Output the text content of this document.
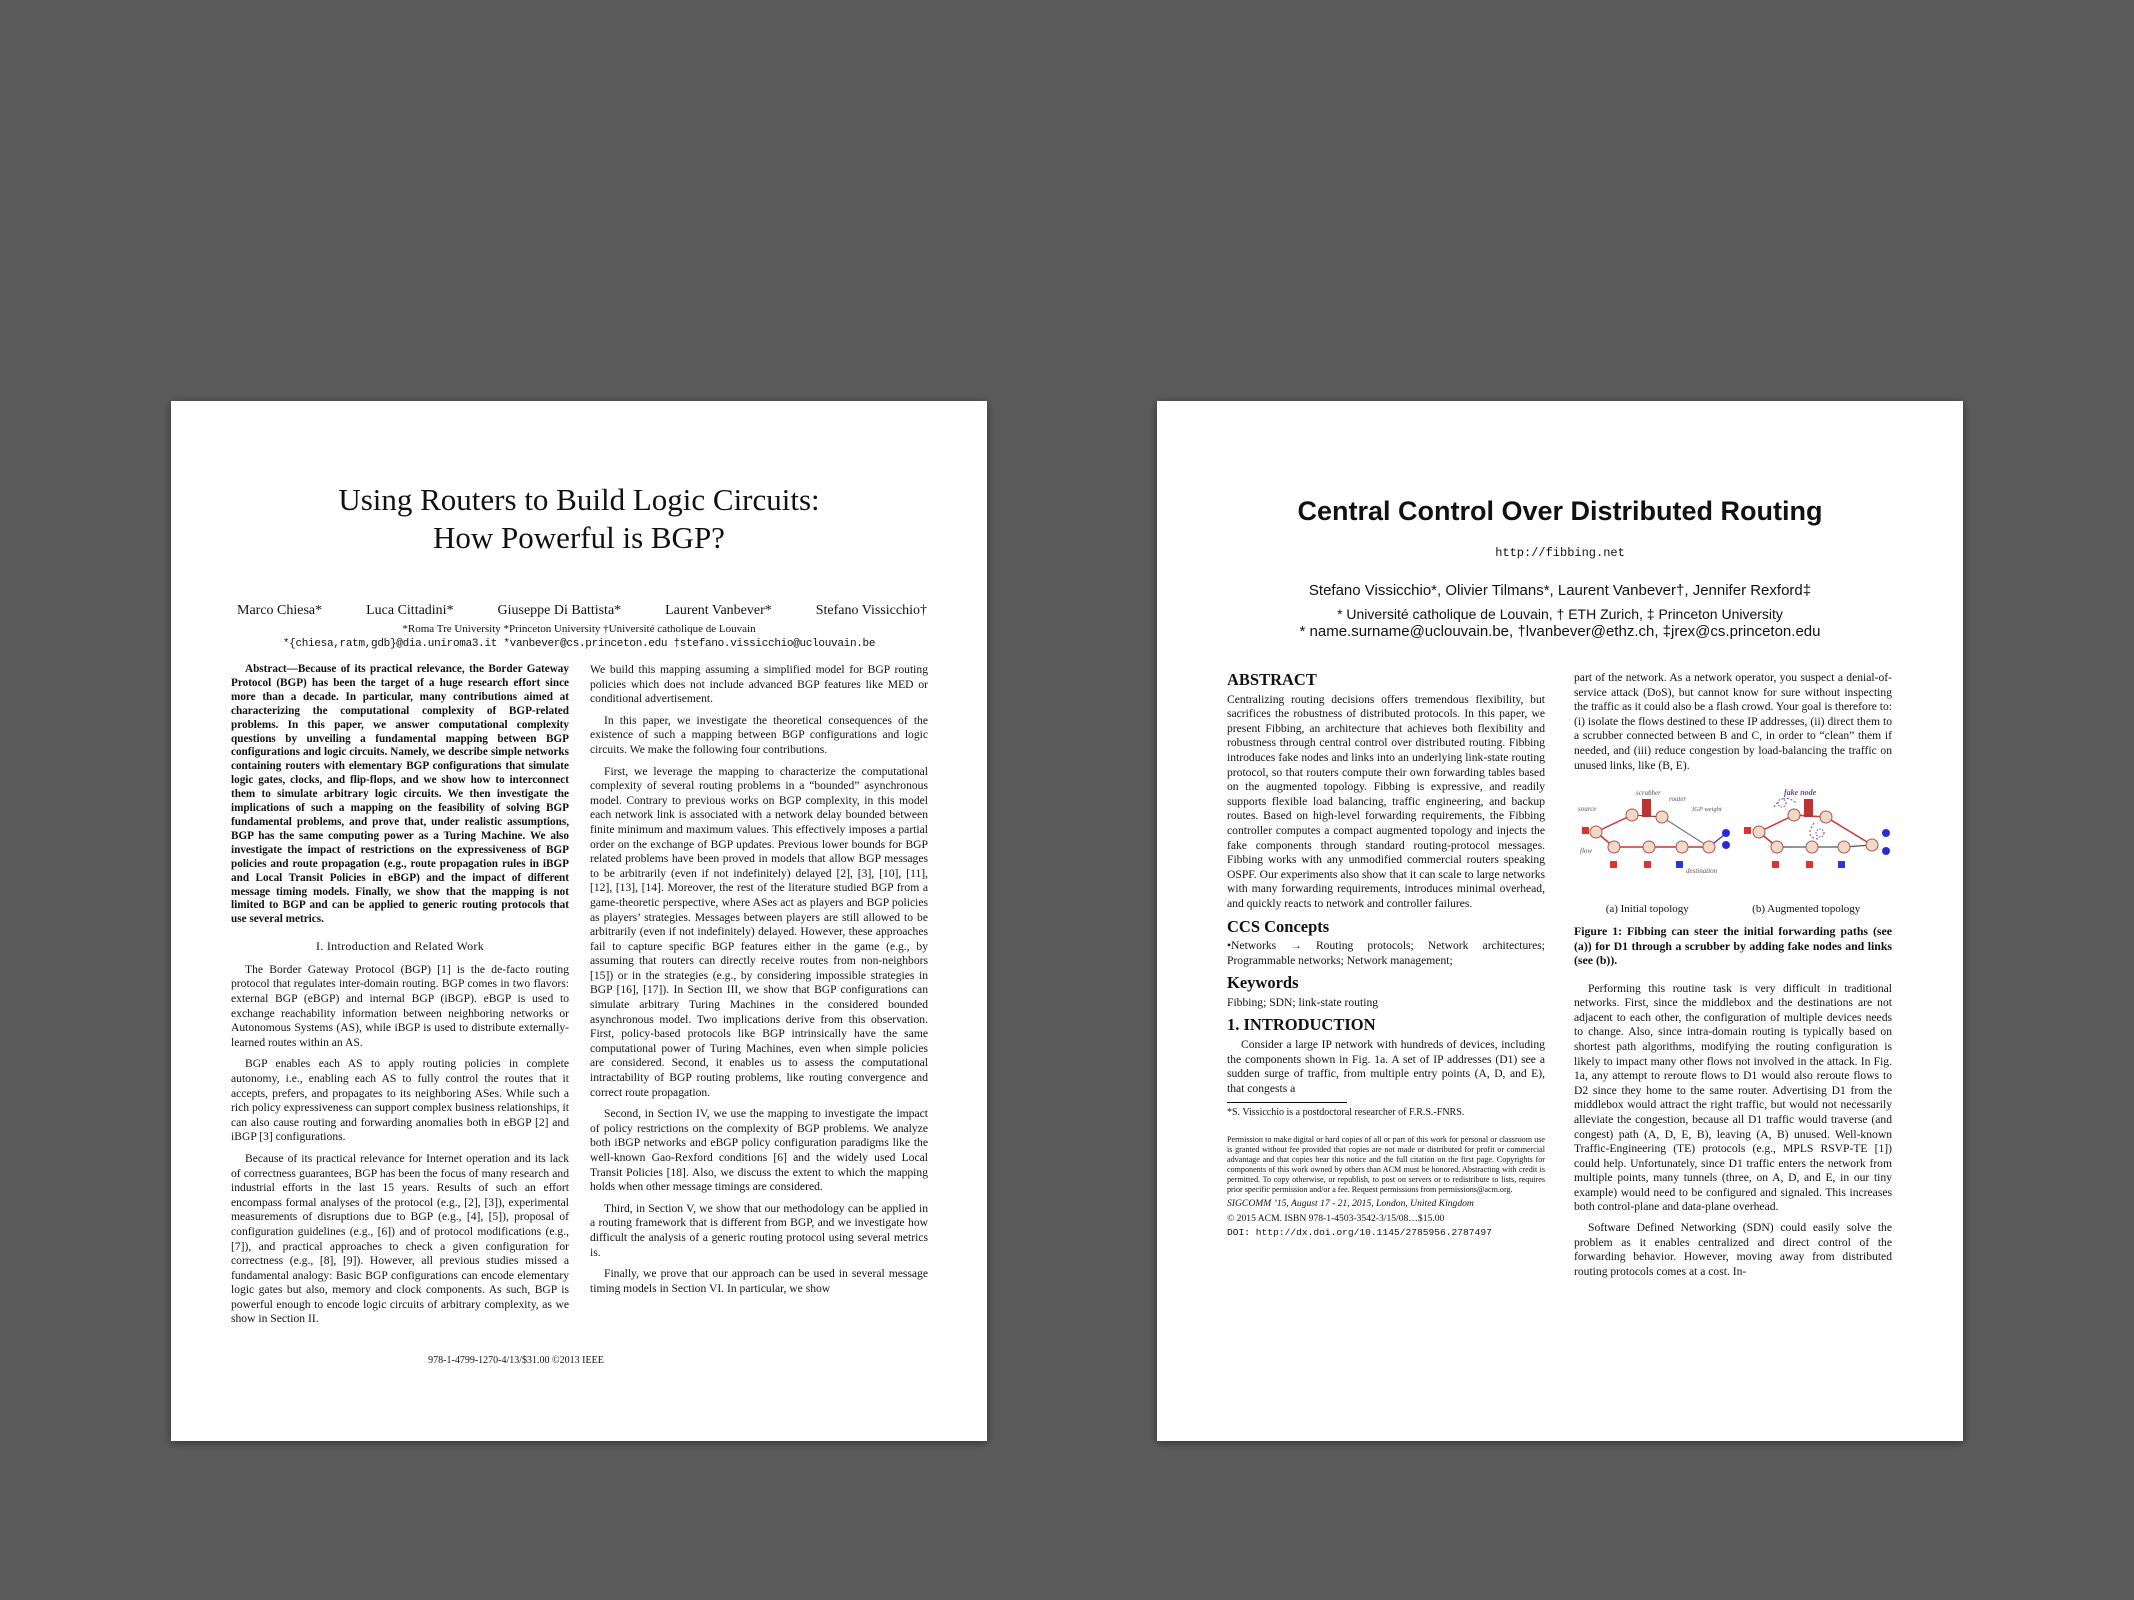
Using Routers to Build Logic Circuits:
How Powerful is BGP?
Marco Chiesa*	Luca Cittadini*	Giuseppe Di Battista*	Laurent Vanbever*	Stefano Vissicchio†
*Roma Tre University *Princeton University †Université catholique de Louvain
*{chiesa,ratm,gdb}@dia.uniroma3.it *vanbever@cs.princeton.edu †stefano.vissicchio@uclouvain.be

Abstract—Because of its practical relevance, the Border Gateway Protocol (BGP) has been the target of a huge research effort since more than a decade. In particular, many contributions aimed at characterizing the computational complexity of BGP-related problems. In this paper, we answer computational complexity questions by unveiling a fundamental mapping between BGP configurations and logic circuits. Namely, we describe simple networks containing routers with elementary BGP configurations that simulate logic gates, clocks, and flip-flops, and we show how to interconnect them to simulate arbitrary logic circuits. We then investigate the implications of such a mapping on the feasibility of solving BGP fundamental problems, and prove that, under realistic assumptions, BGP has the same computing power as a Turing Machine. We also investigate the impact of restrictions on the expressiveness of BGP policies and route propagation (e.g., route propagation rules in iBGP and Local Transit Policies in eBGP) and the impact of different message timing models. Finally, we show that the mapping is not limited to BGP and can be applied to generic routing protocols that use several metrics.

I. Introduction and Related Work

The Border Gateway Protocol (BGP) [1] is the de-facto routing protocol that regulates inter-domain routing. BGP comes in two flavors: external BGP (eBGP) and internal BGP (iBGP). eBGP is used to exchange reachability information between neighboring networks or Autonomous Systems (AS), while iBGP is used to distribute externally-learned routes within an AS.

BGP enables each AS to apply routing policies in complete autonomy, i.e., enabling each AS to fully control the routes that it accepts, prefers, and propagates to its neighboring ASes. While such a rich policy expressiveness can support complex business relationships, it can also cause routing and forwarding anomalies both in eBGP [2] and iBGP [3] configurations.

Because of its practical relevance for Internet operation and its lack of correctness guarantees, BGP has been the focus of many research and industrial efforts in the last 15 years. Results of such an effort encompass formal analyses of the protocol (e.g., [2], [3]), experimental measurements of disruptions due to BGP (e.g., [4], [5]), proposal of configuration guidelines (e.g., [6]) and of protocol modifications (e.g., [7]), and practical approaches to check a given configuration for correctness (e.g., [8], [9]). However, all previous studies missed a fundamental analogy: Basic BGP configurations can encode elementary logic gates but also, memory and clock components. As such, BGP is powerful enough to encode logic circuits of arbitrary complexity, as we show in Section II.

We build this mapping assuming a simplified model for BGP routing policies which does not include advanced BGP features like MED or conditional advertisement.

In this paper, we investigate the theoretical consequences of the existence of such a mapping between BGP configurations and logic circuits. We make the following four contributions.

First, we leverage the mapping to characterize the computational complexity of several routing problems in a “bounded” asynchronous model. Contrary to previous works on BGP complexity, in this model each network link is associated with a network delay bounded between finite minimum and maximum values. This effectively imposes a partial order on the exchange of BGP updates. Previous lower bounds for BGP related problems have been proved in models that allow BGP messages to be arbitrarily (even if not indefinitely) delayed [2], [3], [10], [11], [12], [13], [14]. Moreover, the rest of the literature studied BGP from a game-theoretic perspective, where ASes act as players and BGP policies as players’ strategies. Messages between players are still allowed to be arbitrarily (even if not indefinitely) delayed. However, these approaches fail to capture specific BGP features either in the game (e.g., by assuming that routers can directly receive routes from non-neighbors [15]) or in the strategies (e.g., by considering impossible strategies in BGP [16], [17]). In Section III, we show that BGP configurations can simulate arbitrary Turing Machines in the considered bounded asynchronous model. Two implications derive from this observation. First, policy-based protocols like BGP intrinsically have the same computational power of Turing Machines, even when simple policies are considered. Second, it enables us to assess the computational intractability of BGP routing problems, like routing convergence and correct route propagation.

Second, in Section IV, we use the mapping to investigate the impact of policy restrictions on the complexity of BGP problems. We analyze both iBGP networks and eBGP policy configuration paradigms like the well-known Gao-Rexford conditions [6] and the widely used Local Transit Policies [18]. Also, we discuss the extent to which the mapping holds when other message timings are considered.

Third, in Section V, we show that our methodology can be applied in a routing framework that is different from BGP, and we investigate how difficult the analysis of a generic routing protocol using several metrics is.

Finally, we prove that our approach can be used in several message timing models in Section VI. In particular, we show

978-1-4799-1270-4/13/$31.00 ©2013 IEEE
Central Control Over Distributed Routing
http://fibbing.net
Stefano Vissicchio*, Olivier Tilmans*, Laurent Vanbever†, Jennifer Rexford‡
* Université catholique de Louvain, † ETH Zurich, ‡ Princeton University
* name.surname@uclouvain.be, †lvanbever@ethz.ch, ‡jrex@cs.princeton.edu
ABSTRACT

Centralizing routing decisions offers tremendous flexibility, but sacrifices the robustness of distributed protocols. In this paper, we present Fibbing, an architecture that achieves both flexibility and robustness through central control over distributed routing. Fibbing introduces fake nodes and links into an underlying link-state routing protocol, so that routers compute their own forwarding tables based on the augmented topology. Fibbing is expressive, and readily supports flexible load balancing, traffic engineering, and backup routes. Based on high-level forwarding requirements, the Fibbing controller computes a compact augmented topology and injects the fake components through standard routing-protocol messages. Fibbing works with any unmodified commercial routers speaking OSPF. Our experiments also show that it can scale to large networks with many forwarding requirements, introduces minimal overhead, and quickly reacts to network and controller failures.

CCS Concepts

•Networks → Routing protocols; Network architectures; Programmable networks; Network management;

Keywords

Fibbing; SDN; link-state routing

1. INTRODUCTION

Consider a large IP network with hundreds of devices, including the components shown in Fig. 1a. A set of IP addresses (D1) see a sudden surge of traffic, from multiple entry points (A, D, and E), that congests a

*S. Vissicchio is a postdoctoral researcher of F.R.S.-FNRS.
Permission to make digital or hard copies of all or part of this work for personal or classroom use is granted without fee provided that copies are not made or distributed for profit or commercial advantage and that copies bear this notice and the full citation on the first page. Copyrights for components of this work owned by others than ACM must be honored. Abstracting with credit is permitted. To copy otherwise, or republish, to post on servers or to redistribute to lists, requires prior specific permission and/or a fee. Request permissions from permissions@acm.org.
SIGCOMM ’15, August 17 - 21, 2015, London, United Kingdom
© 2015 ACM. ISBN 978-1-4503-3542-3/15/08…$15.00
DOI: http://dx.doi.org/10.1145/2785956.2787497

part of the network. As a network operator, you suspect a denial-of-service attack (DoS), but cannot know for sure without inspecting the traffic as it could also be a flash crowd. Your goal is therefore to: (i) isolate the flows destined to these IP addresses, (ii) direct them to a scrubber connected between B and C, in order to “clean” them if needed, and (iii) reduce congestion by load-balancing the traffic on unused links, like (B, E).

scrubber
router
IGP weight
source
flow
destination
fake node
(a) Initial topology	(b) Augmented topology
Figure 1: Fibbing can steer the initial forwarding paths (see (a)) for D1 through a scrubber by adding fake nodes and links (see (b)).

Performing this routine task is very difficult in traditional networks. First, since the middlebox and the destinations are not adjacent to each other, the configuration of multiple devices needs to change. Also, since intra-domain routing is typically based on shortest path algorithms, modifying the routing configuration is likely to impact many other flows not involved in the attack. In Fig. 1a, any attempt to reroute flows to D1 would also reroute flows to D2 since they home to the same router. Advertising D1 from the middlebox would attract the right traffic, but would not necessarily alleviate the congestion, because all D1 traffic would traverse (and congest) path (A, D, E, B), leaving (A, B) unused. Well-known Traffic-Engineering (TE) protocols (e.g., MPLS RSVP-TE [1]) could help. Unfortunately, since D1 traffic enters the network from multiple points, many tunnels (three, on A, D, and E, in our tiny example) would need to be configured and signaled. This increases both control-plane and data-plane overhead.

Software Defined Networking (SDN) could easily solve the problem as it enables centralized and direct control of the forwarding behavior. However, moving away from distributed routing protocols comes at a cost. In-
